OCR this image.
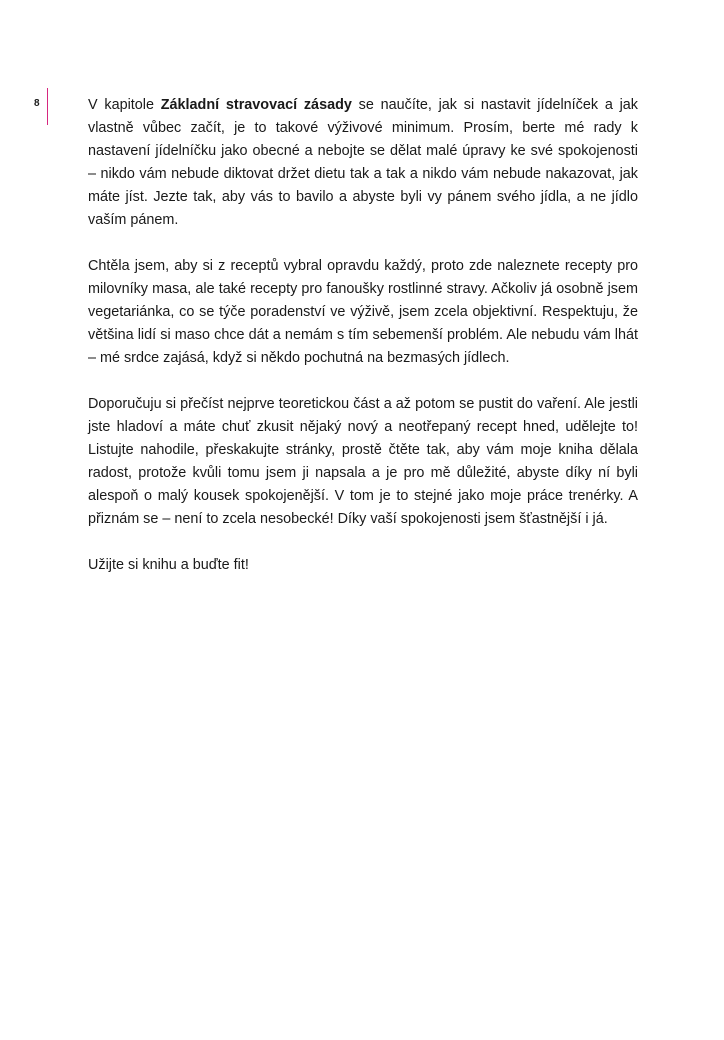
8	V kapitole Základní stravovací zásady se naučíte, jak si nastavit jídelníček a jak vlastně vůbec začít, je to takové výživové minimum. Prosím, berte mé rady k nastavení jídelníčku jako obecné a nebojte se dělat malé úpravy ke své spokojenosti – nikdo vám nebude diktovat držet dietu tak a tak a nikdo vám nebude nakazovat, jak máte jíst. Jezte tak, aby vás to bavilo a abyste byli vy pánem svého jídla, a ne jídlo vaším pánem.

Chtěla jsem, aby si z receptů vybral opravdu každý, proto zde naleznete recepty pro milovníky masa, ale také recepty pro fanoušky rostlinné stravy. Ačkoliv já osobně jsem vegetariánka, co se týče poradenství ve výživě, jsem zcela objektivní. Respektuju, že většina lidí si maso chce dát a nemám s tím sebemenší problém. Ale nebudu vám lhát – mé srdce zajásá, když si někdo pochutná na bezmasých jídlech.

Doporučuju si přečíst nejprve teoretickou část a až potom se pustit do vaření. Ale jestli jste hladoví a máte chuť zkusit nějaký nový a neotřepaný recept hned, udělejte to! Listujte nahodile, přeskakujte stránky, prostě čtěte tak, aby vám moje kniha dělala radost, protože kvůli tomu jsem ji napsala a je pro mě důležité, abyste díky ní byli alespoň o malý kousek spokojenější. V tom je to stejné jako moje práce trenérky. A přiznám se – není to zcela nesobecké! Díky vaší spokojenosti jsem šťastnější i já.

Užijte si knihu a buďte fit!
